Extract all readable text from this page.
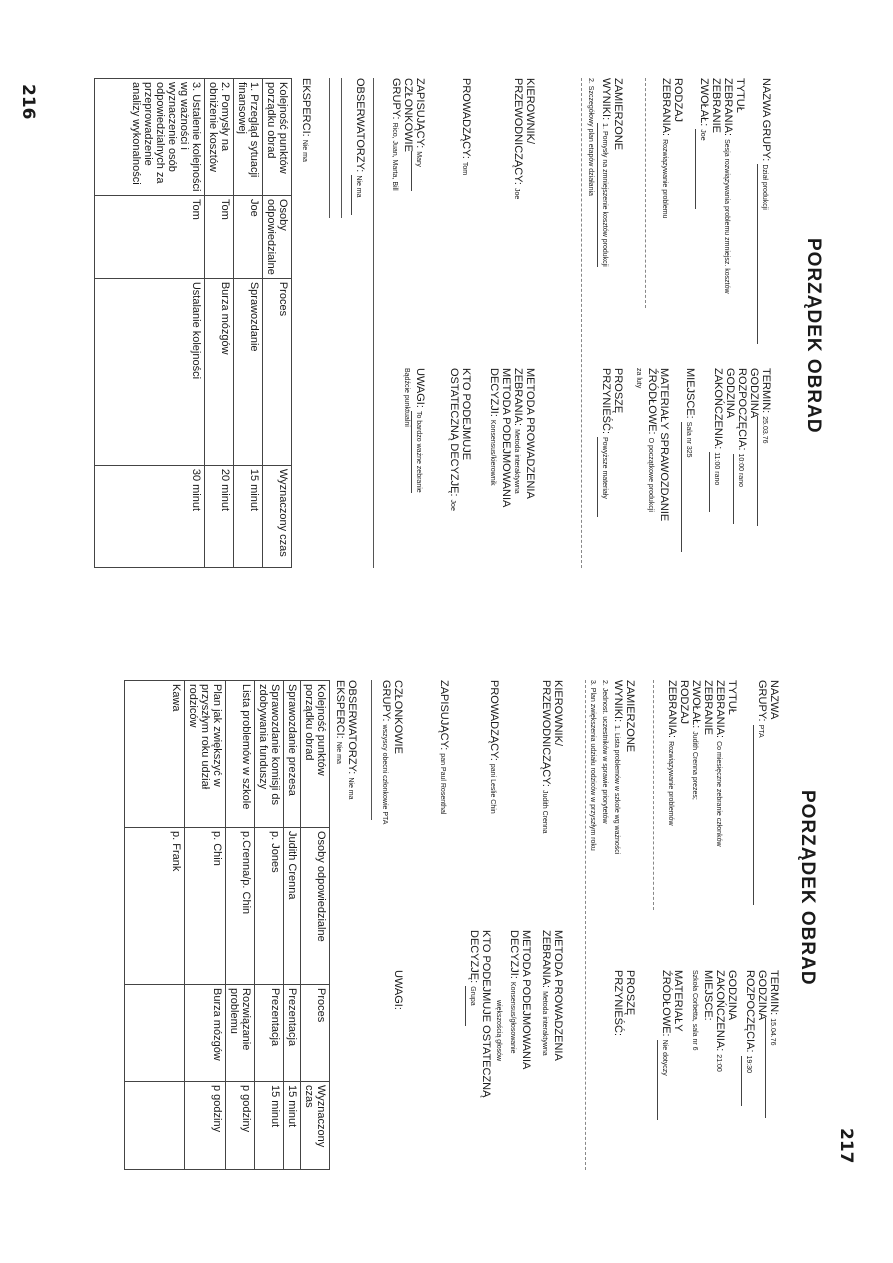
216
217
PORZĄDEK OBRAD
NAZWA GRUPY:Dział produkcji
TYTUŁ
ZEBRANIA:Sesja rozwiązywania problemu zmniejsz. kosztów
ZEBRANIE
ZWOŁAŁ:Joe
RODZAJ
ZEBRANIA:Rozwiązywanie problemu
ZAMIERZONE
WYNIKI:1. Pomysły na zmniejszenie kosztów produkcji
2. Szczegółowy plan etapów działania
KIEROWNIK/
PRZEWODNICZĄCY:Joe
PROWADZĄCY:Tom
ZAPISUJĄCY:Mary
CZŁONKOWIE
GRUPY:Rico, Juan, Marta, Bill
OBSERWATORZY:Nie ma
EKSPERCI:Nie ma
TERMIN:25.03.76
GODZINA
ROZPOCZĘCIA:10:00 rano
GODZINA
ZAKOŃCZENIA:11:00 rano
MIEJSCE:Sala nr 325
MATERIAŁY SPRAWOZDANIE
ŹRÓDŁOWE:O początkowe produkcji
za luty
PROSZĘ
PRZYNIEŚĆ:Powyższe materiały
METODA PROWADZENIA
ZEBRANIA:Metoda interaktywna
METODA PODEJMOWANIA
DECYZJI:Konsensus/kierownik
KTO PODEJMUJE
OSTATECZNĄ DECYZJĘ:Joe
UWAGI:To bardzo ważne zebranie
Bądźcie punktualni
Kolejność punktów porządku obrad	Osoby odpowiedzialne	Proces	Wyznaczony czas
1. Przegląd sytuacji finansowej	Joe	Sprawozdanie	15 minut
2. Pomysły na obniżenie kosztów	Tom	Burza mózgów	20 minut
3. Ustalenie kolejności wg ważności i wyznaczenie osób odpowiedzialnych za przeprowadzenie analizy wykonalności	Tom	Ustalanie kolejności	30 minut
PORZĄDEK OBRAD
NAZWA
GRUPY:PTA
TYTUŁ
ZEBRANIA:Co miesięczne zebranie członków
ZEBRANIE
ZWOŁAŁ:Judith Crenna prezes;
RODZAJ
ZEBRANIA:Rozwiązywanie problemów
ZAMIERZONE
WYNIKI:1. Lista problemów w szkole wg ważności
2. Jednost. uczestników w sprawie priorytetów
3. Plan zwiększenia udziału rodziców w przyszłym roku
KIEROWNIK/
PRZEWODNICZĄCY:Judith Crenna
PROWADZĄCY:pani Leslie Chin
ZAPISUJĄCY:pan Paul Rosenthal
CZŁONKOWIE
GRUPY:wszyscy obecni członkowie PTA
OBSERWATORZY:Nie ma
EKSPERCI:Nie ma
TERMIN:15.04.76
GODZINA
ROZPOCZĘCIA:19:30
GODZINA
ZAKOŃCZENIA:21:00
MIEJSCE:
Szkoła Corbetta, sala nr 6
MATERIAŁY
ŹRÓDŁOWE:Nie dotyczy
PROSZĘ
PRZYNIEŚĆ:
METODA PROWADZENIA
ZEBRANIA:Metoda interaktywna
METODA PODEJMOWANIA
DECYZJI:Konsensus/głosowanie
większością głosów
KTO PODEJMUJE OSTATECZNĄ
DECYZJĘ:Grupa
UWAGI:
Kolejność punktów porządku obrad	Osoby odpowiedzialne	Proces	Wyznaczony czas
Sprawozdanie prezesa	Judith Crenna	Prezentacja	15 minut
Sprawozdanie komisji ds zdobywania funduszy	p. Jones	Prezentacja	15 minut
Lista problemów w szkole	p.Crenna/p. Chin	Rozwiązanie problemu	p godziny
Plan jak zwiększyć w przyszłym roku udział rodziców	p. Chin	Burza mózgów	p godziny
Kawa	p. Frank		
